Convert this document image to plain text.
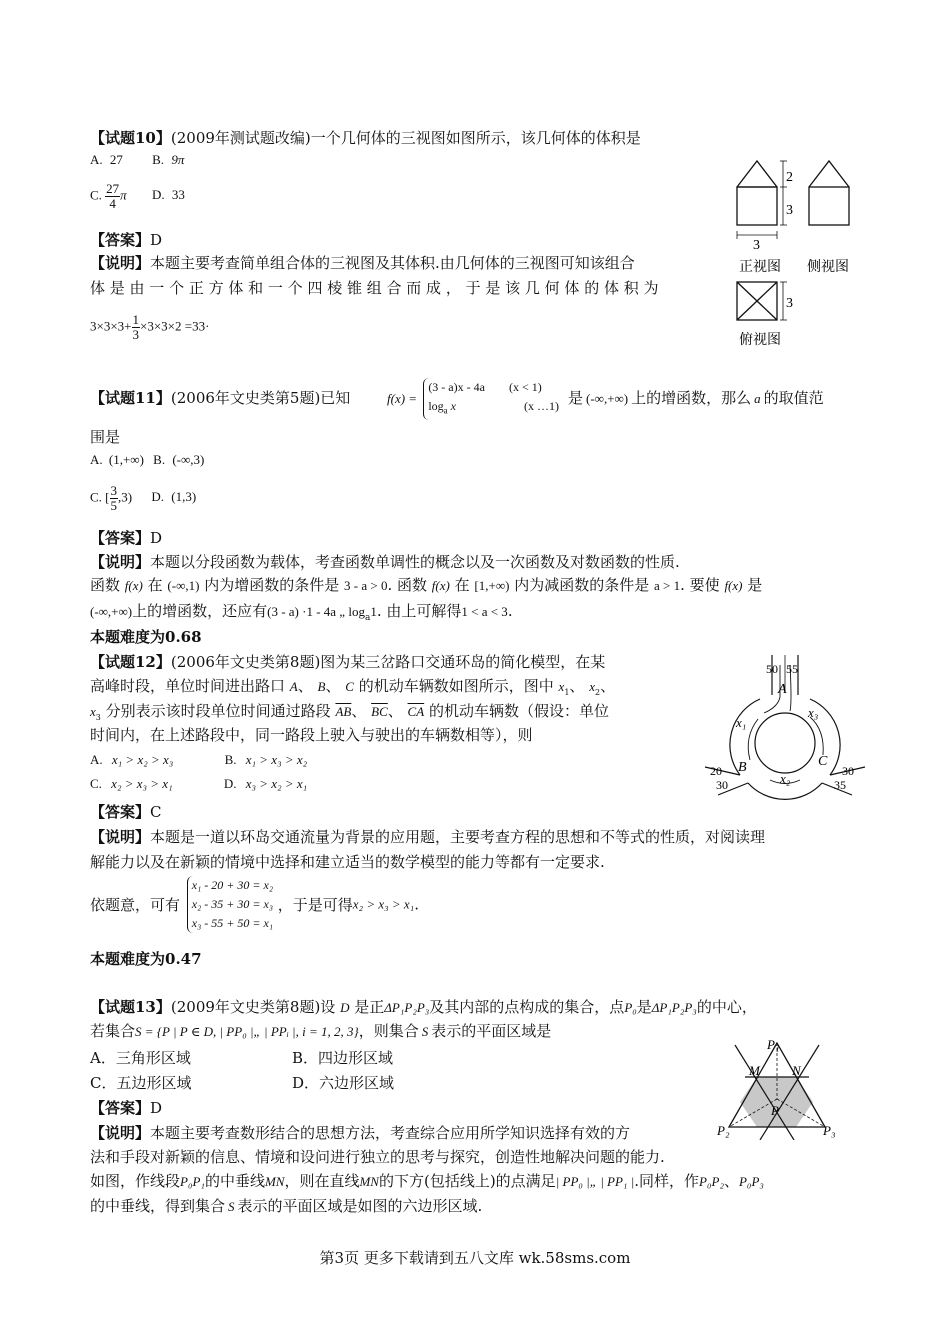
【试题10】(2009年测试题改编)一个几何体的三视图如图所示，该几何体的体积是
A. 27 B. 9π
C. $\frac{27}{4}$ π D. 33
【答案】D
【说明】本题主要考查简单组合体的三视图及其体积.由几何体的三视图可知该组合
体 是 由 一 个 正 方 体 和 一 个 四 棱 锥 组 合 而 成 ， 于 是 该 几 何 体 的 体 积 为
$3\times 3\times 3+ \frac{1}{3} \times 3\times 3\times 2 =33\cdot$
2
3
3
正视图 侧视图
3
俯视图
【试题11】(2006年文史类第5题)已知	f(x) = (3 - a)x - 4a (x < 1)
$\log_a x$	(x …1) 是 (-∞,+∞) 上的增函数，那么 a 的取值范
围是
A. (1,+∞) B. (-∞,3)
C. [ $\frac{3}{5} ,3$) D. (1,3)
【答案】D
【说明】本题以分段函数为载体，考查函数单调性的概念以及一次函数及对数函数的性质.
函数 f(x) 在 (-∞,1) 内为增函数的条件是 3 - a > 0. 函数 f(x) 在 [1,+∞) 内为减函数的条件是 a > 1. 要使 f(x) 是
(-∞,+∞)上的增函数，还应有(3 - a) ·1 - 4a „ $\log_a1$. 由上可解得1 < a < 3.
本题难度为0.68
【试题12】(2006年文史类第8题)图为某三岔路口交通环岛的简化模型，在某
高峰时段，单位时间进出路口 A、 B、 C 的机动车辆数如图所示，图中 $x_1$、 $x_2$、
$x_3$ 分别表示该时段单位时间通过路段 $\overline{AB}$、 $\overline{BC}$、 $\overline{CA}$ 的机动车辆数（假设：单位
时间内，在上述路段中，同一路段上驶入与驶出的车辆数相等），则
A. x₁ > x₂ > x₃	B. x₁ > x₃ > x₂
C. x₂ > x₃ > x₁	D. x₃ > x₂ > x₁
【答案】C
【说明】本题是一道以环岛交通流量为背景的应用题，主要考查方程的思想和不等式的性质，对阅读理
解能力以及在新颖的情境中选择和建立适当的数学模型的能力等都有一定要求.
依题意，可有 x₁ - 20 + 30 = x₂
x₂ - 35 + 30 = x₃
x₃ - 55 + 50 = x₁ ，于是可得x₂ > x₃ > x₁.
本题难度为0.47
50 55
A
x₁
x₃
20
30
B
x₂
C
30
35
【试题13】(2009年文史类第8题)设 D 是正ΔP₁P₂P₃及其内部的点构成的集合，点P₀是ΔP₁P₂P₃的中心，
若集合S = {P | P ∈ D, | PP₀ |„ | PPᵢ |, i = 1, 2, 3}，则集合 S 表示的平面区域是
A．三角形区域	B．四边形区域
C．五边形区域	D．六边形区域
【答案】D
【说明】本题主要考查数形结合的思想方法，考查综合应用所学知识选择有效的方
法和手段对新颖的信息、情境和设问进行独立的思考与探究，创造性地解决问题的能力.
如图，作线段P₀P₁的中垂线MN，则在直线MN的下方(包括线上)的点满足| PP₀ |„ | PP₁ |.同样，作P₀P₂、P₀P₃
的中垂线，得到集合 S 表示的平面区域是如图的六边形区域.
P₁
P₂	P₃
M N
P
第3页 更多下载请到五八文库 wk.58sms.com
